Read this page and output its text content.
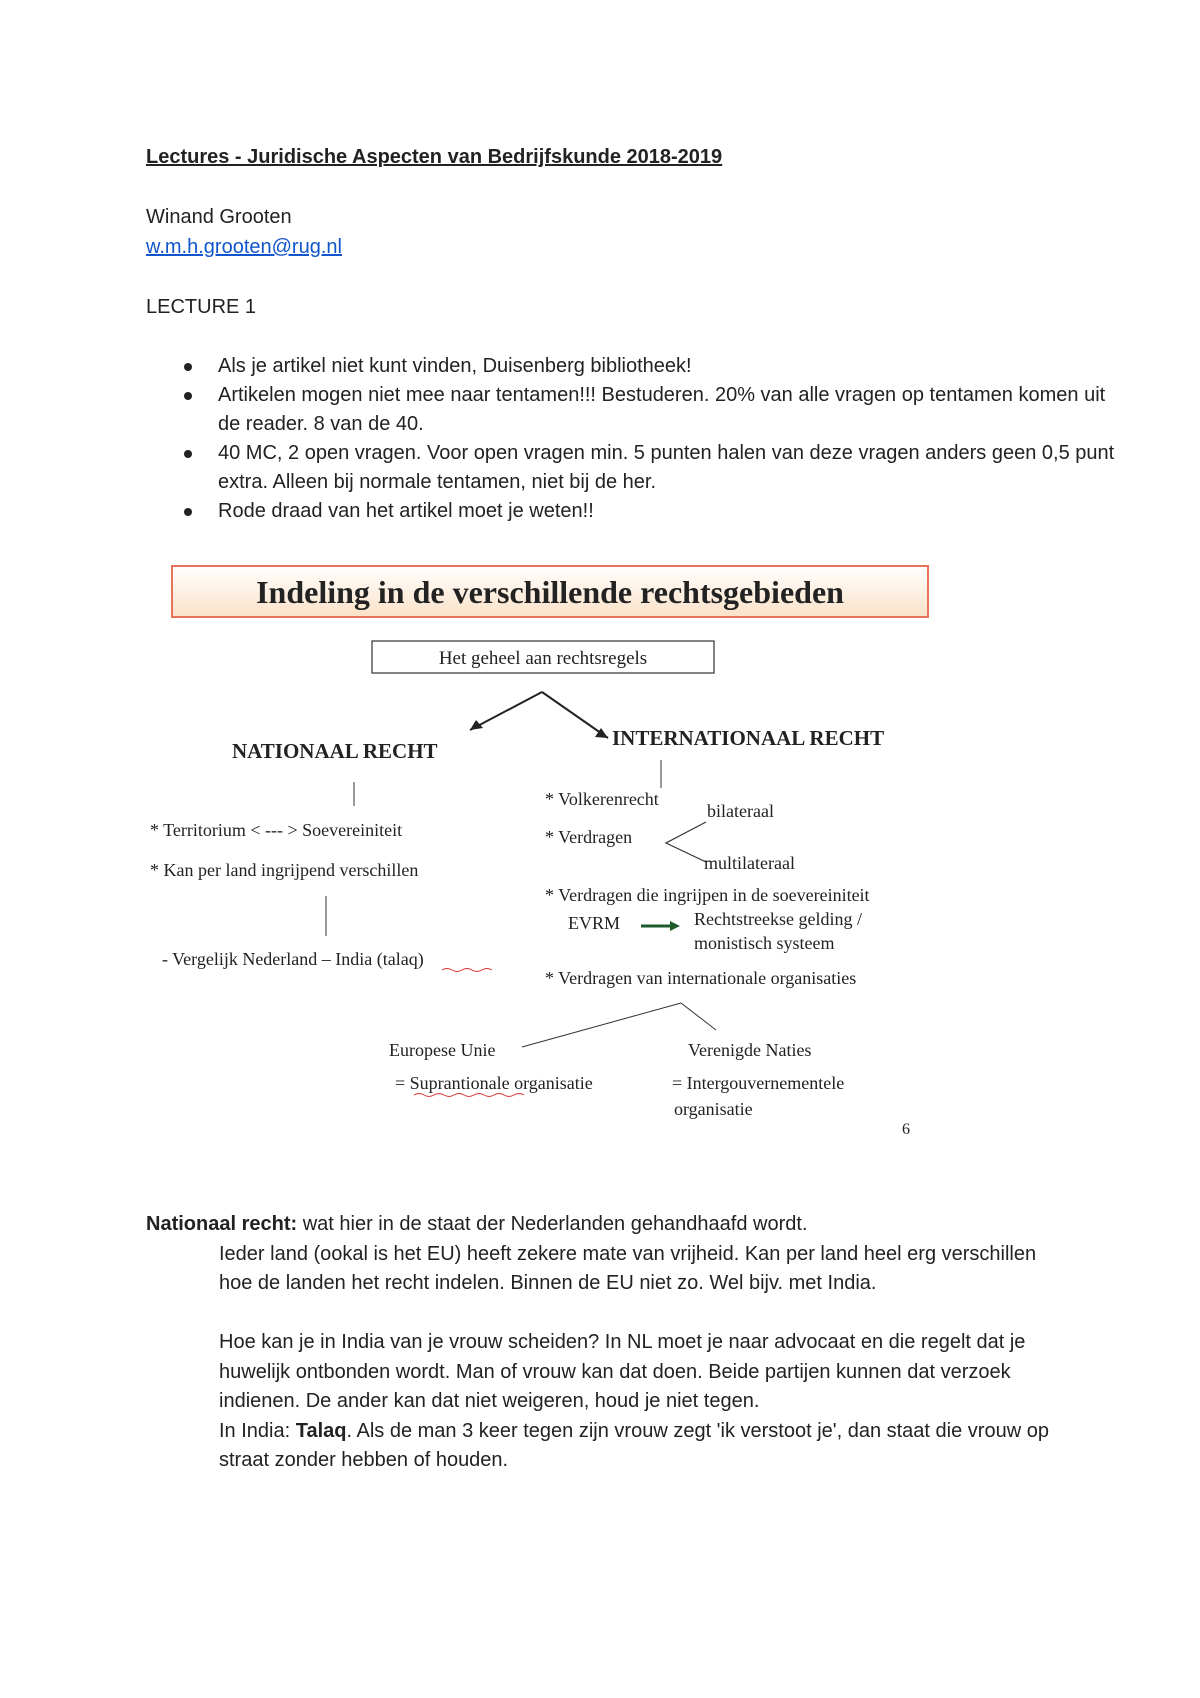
Lectures - Juridische Aspecten van Bedrijfskunde 2018-2019
Winand Grooten
w.m.h.grooten@rug.nl
LECTURE 1
Als je artikel niet kunt vinden, Duisenberg bibliotheek!
Artikelen mogen niet mee naar tentamen!!! Bestuderen. 20% van alle vragen op tentamen komen uit de reader. 8 van de 40.
40 MC, 2 open vragen. Voor open vragen min. 5 punten halen van deze vragen anders geen 0,5 punt extra. Alleen bij normale tentamen, niet bij de her.
Rode draad van het artikel moet je weten!!
Indeling in de verschillende rechtsgebieden
Het geheel aan rechtsregels
NATIONAAL RECHT
INTERNATIONAAL RECHT
* Territorium < --- > Soevereiniteit
* Kan per land ingrijpend verschillen
- Vergelijk Nederland – India (talaq)
* Volkerenrecht
bilateraal
* Verdragen
multilateraal
* Verdragen die ingrijpen in de soevereiniteit
EVRM	Rechtstreekse gelding /
monistisch systeem
* Verdragen van internationale organisaties
Europese Unie
= Suprantionale organisatie
Verenigde Naties
= Intergouvernementele
organisatie
6

Nationaal recht: wat hier in de staat der Nederlanden gehandhaafd wordt.

Ieder land (ookal is het EU) heeft zekere mate van vrijheid. Kan per land heel erg verschillen hoe de landen het recht indelen. Binnen de EU niet zo. Wel bijv. met India.

Hoe kan je in India van je vrouw scheiden? In NL moet je naar advocaat en die regelt dat je huwelijk ontbonden wordt. Man of vrouw kan dat doen. Beide partijen kunnen dat verzoek indienen. De ander kan dat niet weigeren, houd je niet tegen.

In India: Talaq. Als de man 3 keer tegen zijn vrouw zegt 'ik verstoot je', dan staat die vrouw op straat zonder hebben of houden.
